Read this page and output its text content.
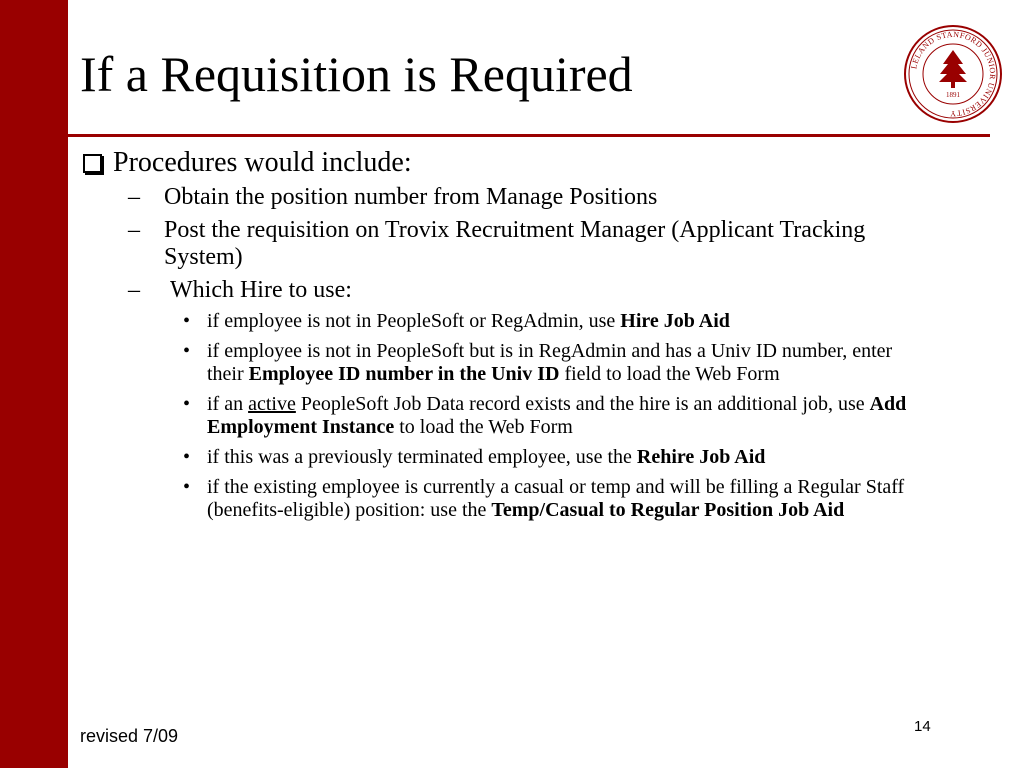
If a Requisition is Required	LELAND STANFORD JUNIOR UNIVERSITY
1891

Procedures would include:

– Obtain the position number from Manage Positions

– Post the requisition on Trovix Recruitment Manager (Applicant Tracking System)

– Which Hire to use:

• if employee is not in PeopleSoft or RegAdmin, use Hire Job Aid

• if employee is not in PeopleSoft but is in RegAdmin and has a Univ ID number, enter their Employee ID number in the Univ ID field to load the Web Form

• if an active PeopleSoft Job Data record exists and the hire is an additional job, use Add Employment Instance to load the Web Form

• if this was a previously terminated employee, use the Rehire Job Aid

• if the existing employee is currently a casual or temp and will be filling a Regular Staff (benefits-eligible) position: use the Temp/Casual to Regular Position Job Aid

revised 7/09	14
